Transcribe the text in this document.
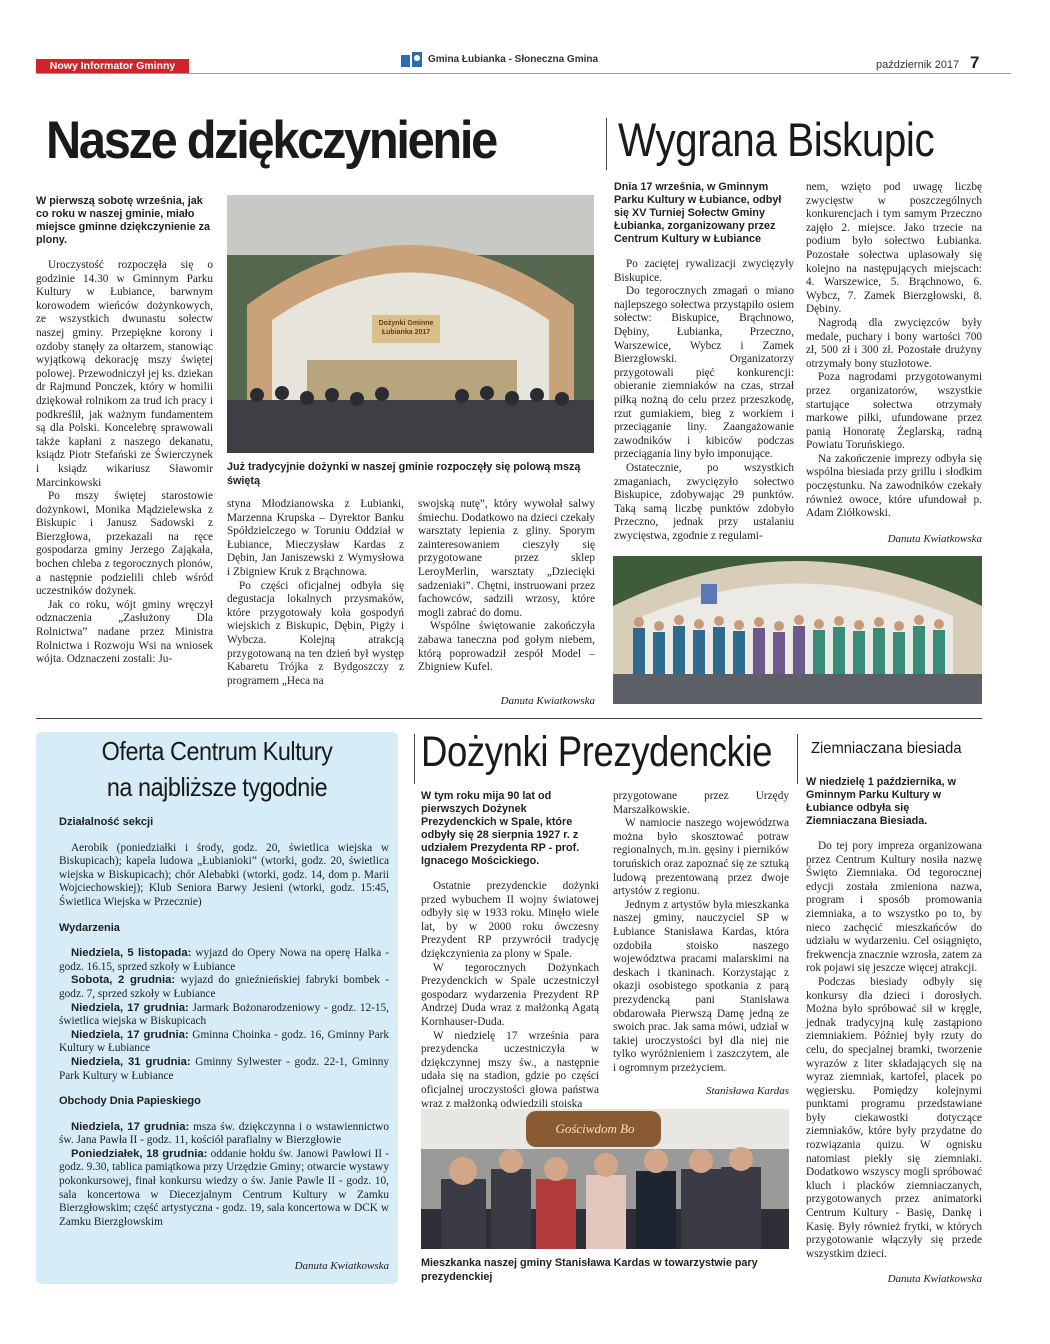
Nowy Informator Gminny
Gmina Łubianka - Słoneczna Gmina	październik 2017 7
Nasze dziękczynienie

W pierwszą sobotę września, jak co roku w naszej gminie, miało miejsce gminne dziękczynienie za plony.

Uroczystość rozpoczęła się o godzinie 14.30 w Gminnym Parku Kultury w Łubiance, barwnym korowodem wieńców dożynkowych, ze wszystkich dwunastu sołectw naszej gminy. Przepiękne korony i ozdoby stanęły za ołtarzem, stanowiąc wyjątkową dekorację mszy świętej polowej. Przewodniczył jej ks. dziekan dr Rajmund Ponczek, który w homilii dziękował rolnikom za trud ich pracy i podkreślił, jak ważnym fundamentem są dla Polski. Koncelebrę sprawowali także kapłani z naszego dekanatu, ksiądz Piotr Stefański ze Świerczynek i ksiądz wikariusz Sławomir Marcinkowski

Po mszy świętej starostowie dożynkowi, Monika Mądzielewska z Biskupic i Janusz Sadowski z Bierzgłowa, przekazali na ręce gospodarza gminy Jerzego Zająkała, bochen chleba z tegorocznych plonów, a następnie podzielili chleb wśród uczestników dożynek.

Jak co roku, wójt gminy wręczył odznaczenia „Zasłużony Dla Rolnictwa” nadane przez Ministra Rolnictwa i Rozwoju Wsi na wniosek wójta. Odznaczeni zostali: Ju-

Dożynki Gminne Łubianka 2017

Już tradycyjnie dożynki w naszej gminie rozpoczęły się polową mszą świętą

styna Młodzianowska z Łubianki, Marzenna Krupska – Dyrektor Banku Spółdzielczego w Toruniu Oddział w Łubiance, Mieczysław Kardas z Dębin, Jan Janiszewski z Wymysłowa i Zbigniew Kruk z Brąchnowa.

Po części oficjalnej odbyła się degustacja lokalnych przysmaków, które przygotowały koła gospodyń wiejskich z Biskupic, Dębin, Pigży i Wybcza. Kolejną atrakcją przygotowaną na ten dzień był występ Kabaretu Trójka z Bydgoszczy z programem „Heca na

swojską nutę”, który wywołał salwy śmiechu. Dodatkowo na dzieci czekały warsztaty lepienia z gliny. Sporym zainteresowaniem cieszyły się przygotowane przez sklep LeroyMerlin, warsztaty „Dziecięki sadzeniaki”. Chętni, instruowani przez fachowców, sadzili wrzosy, które mogli zabrać do domu.

Wspólne świętowanie zakończyła zabawa taneczna pod gołym niebem, którą poprowadził zespół Model – Zbigniew Kufel.

Danuta Kwiatkowska

Wygrana Biskupic

Dnia 17 września, w Gminnym Parku Kultury w Łubiance, odbył się XV Turniej Sołectw Gminy Łubianka, zorganizowany przez Centrum Kultury w Łubiance

Po zaciętej rywalizacji zwycięzyły Biskupice.

Do tegorocznych zmagań o miano najlepszego sołectwa przystąpiło osiem sołectw: Biskupice, Brąchnowo, Dębiny, Łubianka, Przeczno, Warszewice, Wybcz i Zamek Bierzgłowski. Organizatorzy przygotowali pięć konkurencji: obieranie ziemniaków na czas, strzał piłką nożną do celu przez przeszkodę, rzut gumiakiem, bieg z workiem i przeciąganie liny. Zaangażowanie zawodników i kibiców podczas przeciągania liny było imponujące.

Ostatecznie, po wszystkich zmaganiach, zwycięzyło sołectwo Biskupice, zdobywając 29 punktów. Taką samą liczbę punktów zdobyło Przeczno, jednak przy ustalaniu zwycięstwa, zgodnie z regulami-

nem, wzięto pod uwagę liczbę zwycięstw w poszczególnych konkurencjach i tym samym Przeczno zajęło 2. miejsce. Jako trzecie na podium było sołectwo Łubianka. Pozostałe sołectwa uplasowały się kolejno na następujących miejscach: 4. Warszewice, 5. Brąchnowo, 6. Wybcz, 7. Zamek Bierzgłowski, 8. Dębiny.

Nagrodą dla zwycięzców były medale, puchary i bony wartości 700 zł, 500 zł i 300 zł. Pozostałe drużyny otrzymały bony stuzłotowe.

Poza nagrodami przygotowanymi przez organizatorów, wszystkie startujące sołectwa otrzymały markowe piłki, ufundowane przez panią Honoratę Żeglarską, radną Powiatu Toruńskiego.

Na zakończenie imprezy odbyła się wspólna biesiada przy grillu i słodkim poczęstunku. Na zawodników czekały również owoce, które ufundował p. Adam Ziółkowski.

Danuta Kwiatkowska

Oferta Centrum Kultury
na najbliższe tygodnie

Działalność sekcji

Aerobik (poniedziałki i środy, godz. 20, świetlica wiejska w Biskupicach); kapela ludowa „Łubianioki” (wtorki, godz. 20, świetlica wiejska w Biskupicach); chór Alebabki (wtorki, godz. 14, dom p. Marii Wojciechowskiej); Klub Seniora Barwy Jesieni (wtorki, godz. 15:45, Świetlica Wiejska w Przecznie)

Wydarzenia

Niedziela, 5 listopada: wyjazd do Opery Nowa na operę Halka - godz. 16.15, sprzed szkoły w Łubiance

Sobota, 2 grudnia: wyjazd do gnieźnieńskiej fabryki bombek - godz. 7, sprzed szkoły w Łubiance

Niedziela, 17 grudnia: Jarmark Bożonarodzeniowy - godz. 12-15, świetlica wiejska w Biskupicach

Niedziela, 17 grudnia: Gminna Choinka - godz. 16, Gminny Park Kultury w Łubiance

Niedziela, 31 grudnia: Gminny Sylwester - godz. 22-1, Gminny Park Kultury w Łubiance

Obchody Dnia Papieskiego

Niedziela, 17 grudnia: msza św. dziękczynna i o wstawiennictwo św. Jana Pawła II - godz. 11, kościół parafialny w Bierzgłowie

Poniedziałek, 18 grudnia: oddanie hołdu św. Janowi Pawłowi II - godz. 9.30, tablica pamiątkowa przy Urzędzie Gminy; otwarcie wystawy pokonkursowej, finał konkursu wiedzy o św. Janie Pawle II - godz. 10, sala koncertowa w Diecezjalnym Centrum Kultury w Zamku Bierzgłowskim; część artystyczna - godz. 19, sala koncertowa w DCK w Zamku Bierzgłowskim

Danuta Kwiatkowska

Dożynki Prezydenckie

W tym roku mija 90 lat od pierwszych Dożynek Prezydenckich w Spale, które odbyły się 28 sierpnia 1927 r. z udziałem Prezydenta RP - prof. Ignacego Mościckiego.

Ostatnie prezydenckie dożynki przed wybuchem II wojny światowej odbyły się w 1933 roku. Minęło wiele lat, by w 2000 roku ówczesny Prezydent RP przywrócił tradycję dziękczynienia za plony w Spale.

W tegorocznych Dożynkach Prezydenckich w Spale uczestniczył gospodarz wydarzenia Prezydent RP Andrzej Duda wraz z małżonką Agatą Kornhauser-Duda.

W niedzielę 17 września para prezydencka uczestniczyła w dziękczynnej mszy św., a następnie udała się na stadion, gdzie po części oficjalnej uroczystości głowa państwa wraz z małżonką odwiedzili stoiska

przygotowane przez Urzędy Marszałkowskie.

W namiocie naszego województwa można było skosztować potraw regionalnych, m.in. gęsiny i pierników toruńskich oraz zapoznać się ze sztuką ludową prezentowaną przez dwoje artystów z regionu.

Jednym z artystów była mieszkanka naszej gminy, nauczyciel SP w Łubiance Stanisława Kardas, która ozdobiła stoisko naszego województwa pracami malarskimi na deskach i tkaninach. Korzystając z okazji osobistego spotkania z parą prezydencką pani Stanisława obdarowała Pierwszą Damę jedną ze swoich prac. Jak sama mówi, udział w takiej uroczystości był dla niej nie tylko wyróżnieniem i zaszczytem, ale i ogromnym przeżyciem.

Stanisława Kardas

Gościwdom Bo

Mieszkanka naszej gminy Stanisława Kardas w towarzystwie pary prezydenckiej

Ziemniaczana biesiada

W niedzielę 1 października, w Gminnym Parku Kultury w Łubiance odbyła się Ziemniaczana Biesiada.

Do tej pory impreza organizowana przez Centrum Kultury nosiła nazwę Święto Ziemniaka. Od tegorocznej edycji została zmieniona nazwa, program i sposób promowania ziemniaka, a to wszystko po to, by nieco zachęcić mieszkańców do udziału w wydarzeniu. Cel osiągnięto, frekwencja znacznie wzrosła, zatem za rok pojawi się jeszcze więcej atrakcji.

Podczas biesiady odbyły się konkursy dla dzieci i dorosłych. Można było spróbować sił w kręgle, jednak tradycyjną kulę zastąpiono ziemniakiem. Później były rzuty do celu, do specjalnej bramki, tworzenie wyrazów z liter składających się na wyraz ziemniak, kartofel, placek po węgiersku. Pomiędzy kolejnymi punktami programu przedstawiane były ciekawostki dotyczące ziemniaków, które były przydatne do rozwiązania quizu. W ognisku natomiast piekły się ziemniaki. Dodatkowo wszyscy mogli spróbować kluch i placków ziemniaczanych, przygotowanych przez animatorki Centrum Kultury - Basię, Dankę i Kasię. Były również frytki, w których przygotowanie włączyły się przede wszystkim dzieci.

Danuta Kwiatkowska
